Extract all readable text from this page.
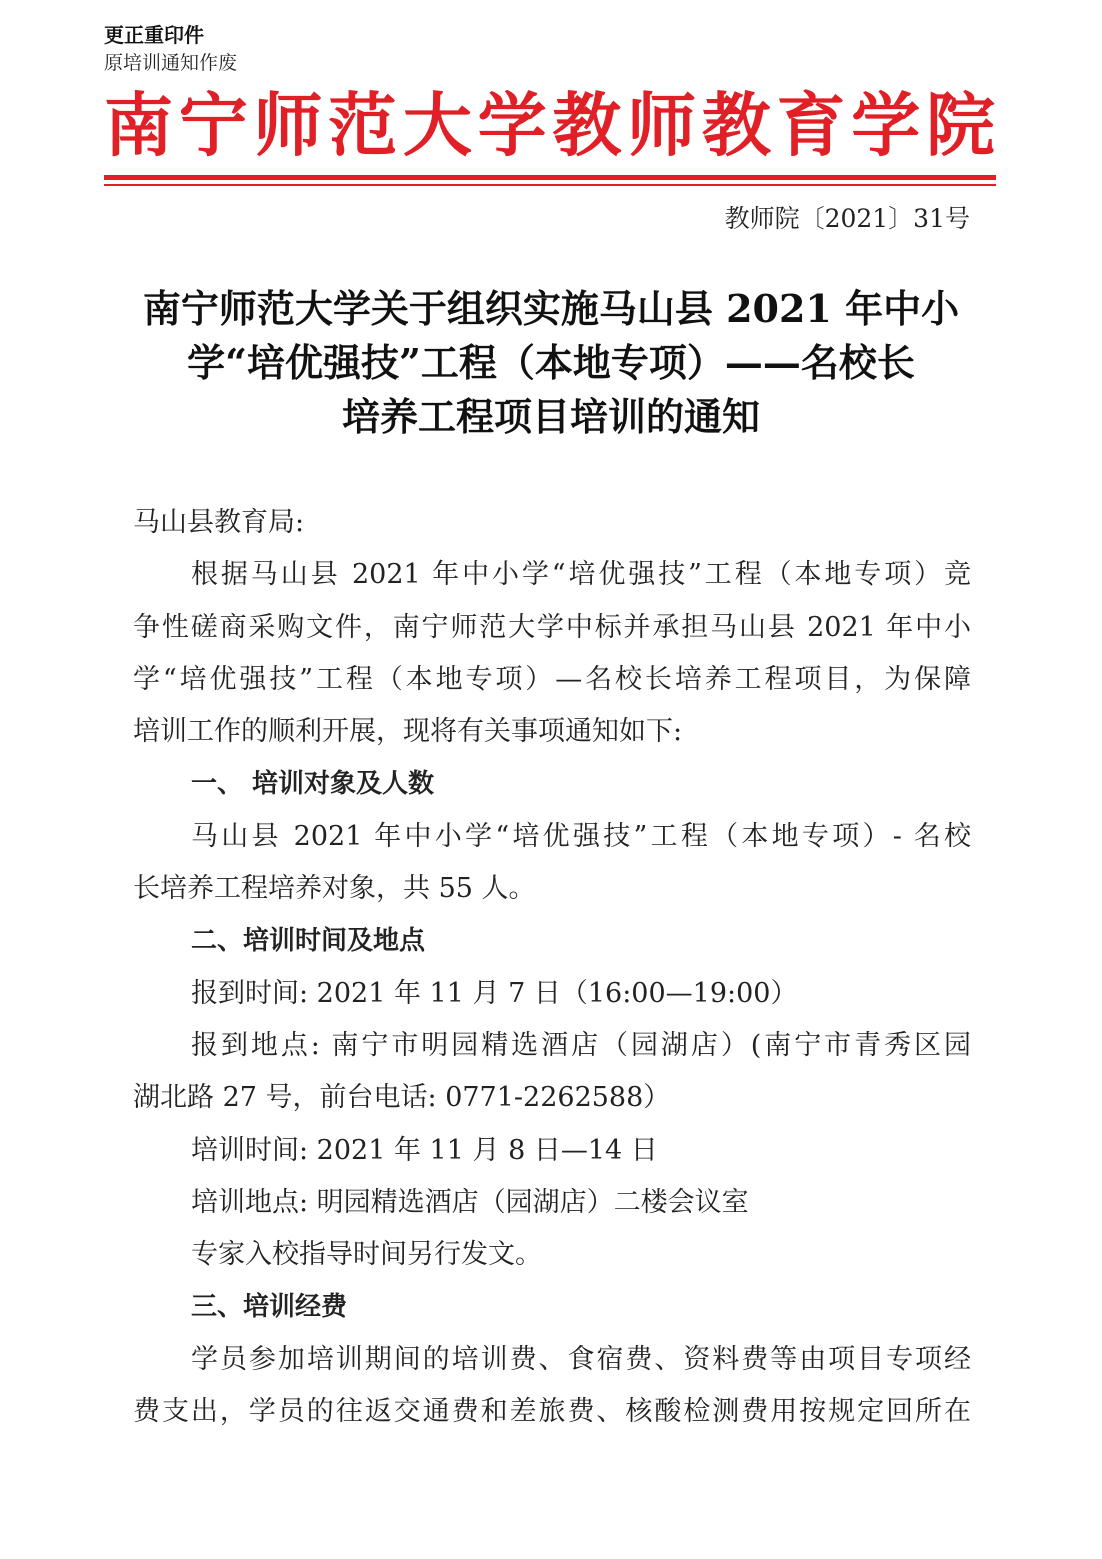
更正重印件
原培训通知作废
南宁师范大学教师教育学院
教师院〔2021〕31号
南宁师范大学关于组织实施马山县 2021 年中小
学“培优强技”工程（本地专项）——名校长
培养工程项目培训的通知
马山县教育局:
根据马山县 2021 年中小学“培优强技”工程（本地专项）竞
争性磋商采购文件，南宁师范大学中标并承担马山县 2021 年中小
学“培优强技”工程（本地专项）—名校长培养工程项目，为保障
培训工作的顺利开展，现将有关事项通知如下:
一、 培训对象及人数
马山县 2021 年中小学“培优强技”工程（本地专项）- 名校
长培养工程培养对象，共 55 人。
二、培训时间及地点
报到时间: 2021 年 11 月 7 日（16:00—19:00）
报到地点: 南宁市明园精选酒店（园湖店）(南宁市青秀区园
湖北路 27 号，前台电话: 0771-2262588）
培训时间: 2021 年 11 月 8 日—14 日
培训地点: 明园精选酒店（园湖店）二楼会议室
专家入校指导时间另行发文。
三、培训经费
学员参加培训期间的培训费、食宿费、资料费等由项目专项经
费支出，学员的往返交通费和差旅费、核酸检测费用按规定回所在
